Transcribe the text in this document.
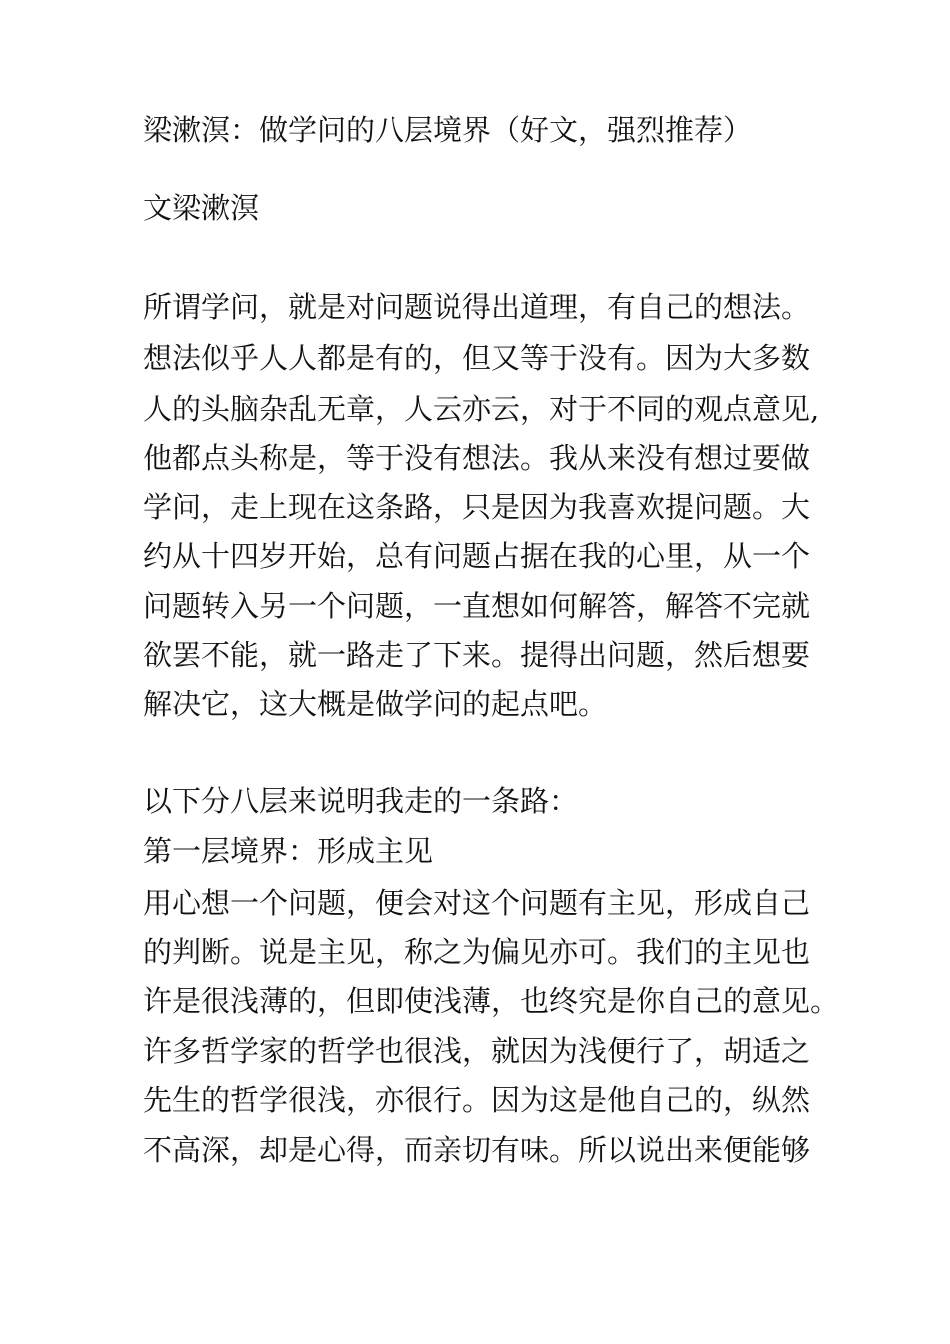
梁漱溟：做学问的八层境界（好文，强烈推荐）
文梁漱溟
所谓学问，就是对问题说得出道理，有自己的想法。
想法似乎人人都是有的，但又等于没有。因为大多数
人的头脑杂乱无章，人云亦云，对于不同的观点意见,
他都点头称是，等于没有想法。我从来没有想过要做
学问，走上现在这条路，只是因为我喜欢提问题。大
约从十四岁开始，总有问题占据在我的心里，从一个
问题转入另一个问题，一直想如何解答，解答不完就
欲罢不能，就一路走了下来。提得出问题，然后想要
解决它，这大概是做学问的起点吧。
以下分八层来说明我走的一条路：
第一层境界：形成主见
用心想一个问题，便会对这个问题有主见，形成自己
的判断。说是主见，称之为偏见亦可。我们的主见也
许是很浅薄的，但即使浅薄，也终究是你自己的意见。
许多哲学家的哲学也很浅，就因为浅便行了，胡适之
先生的哲学很浅，亦很行。因为这是他自己的，纵然
不高深，却是心得，而亲切有味。所以说出来便能够
